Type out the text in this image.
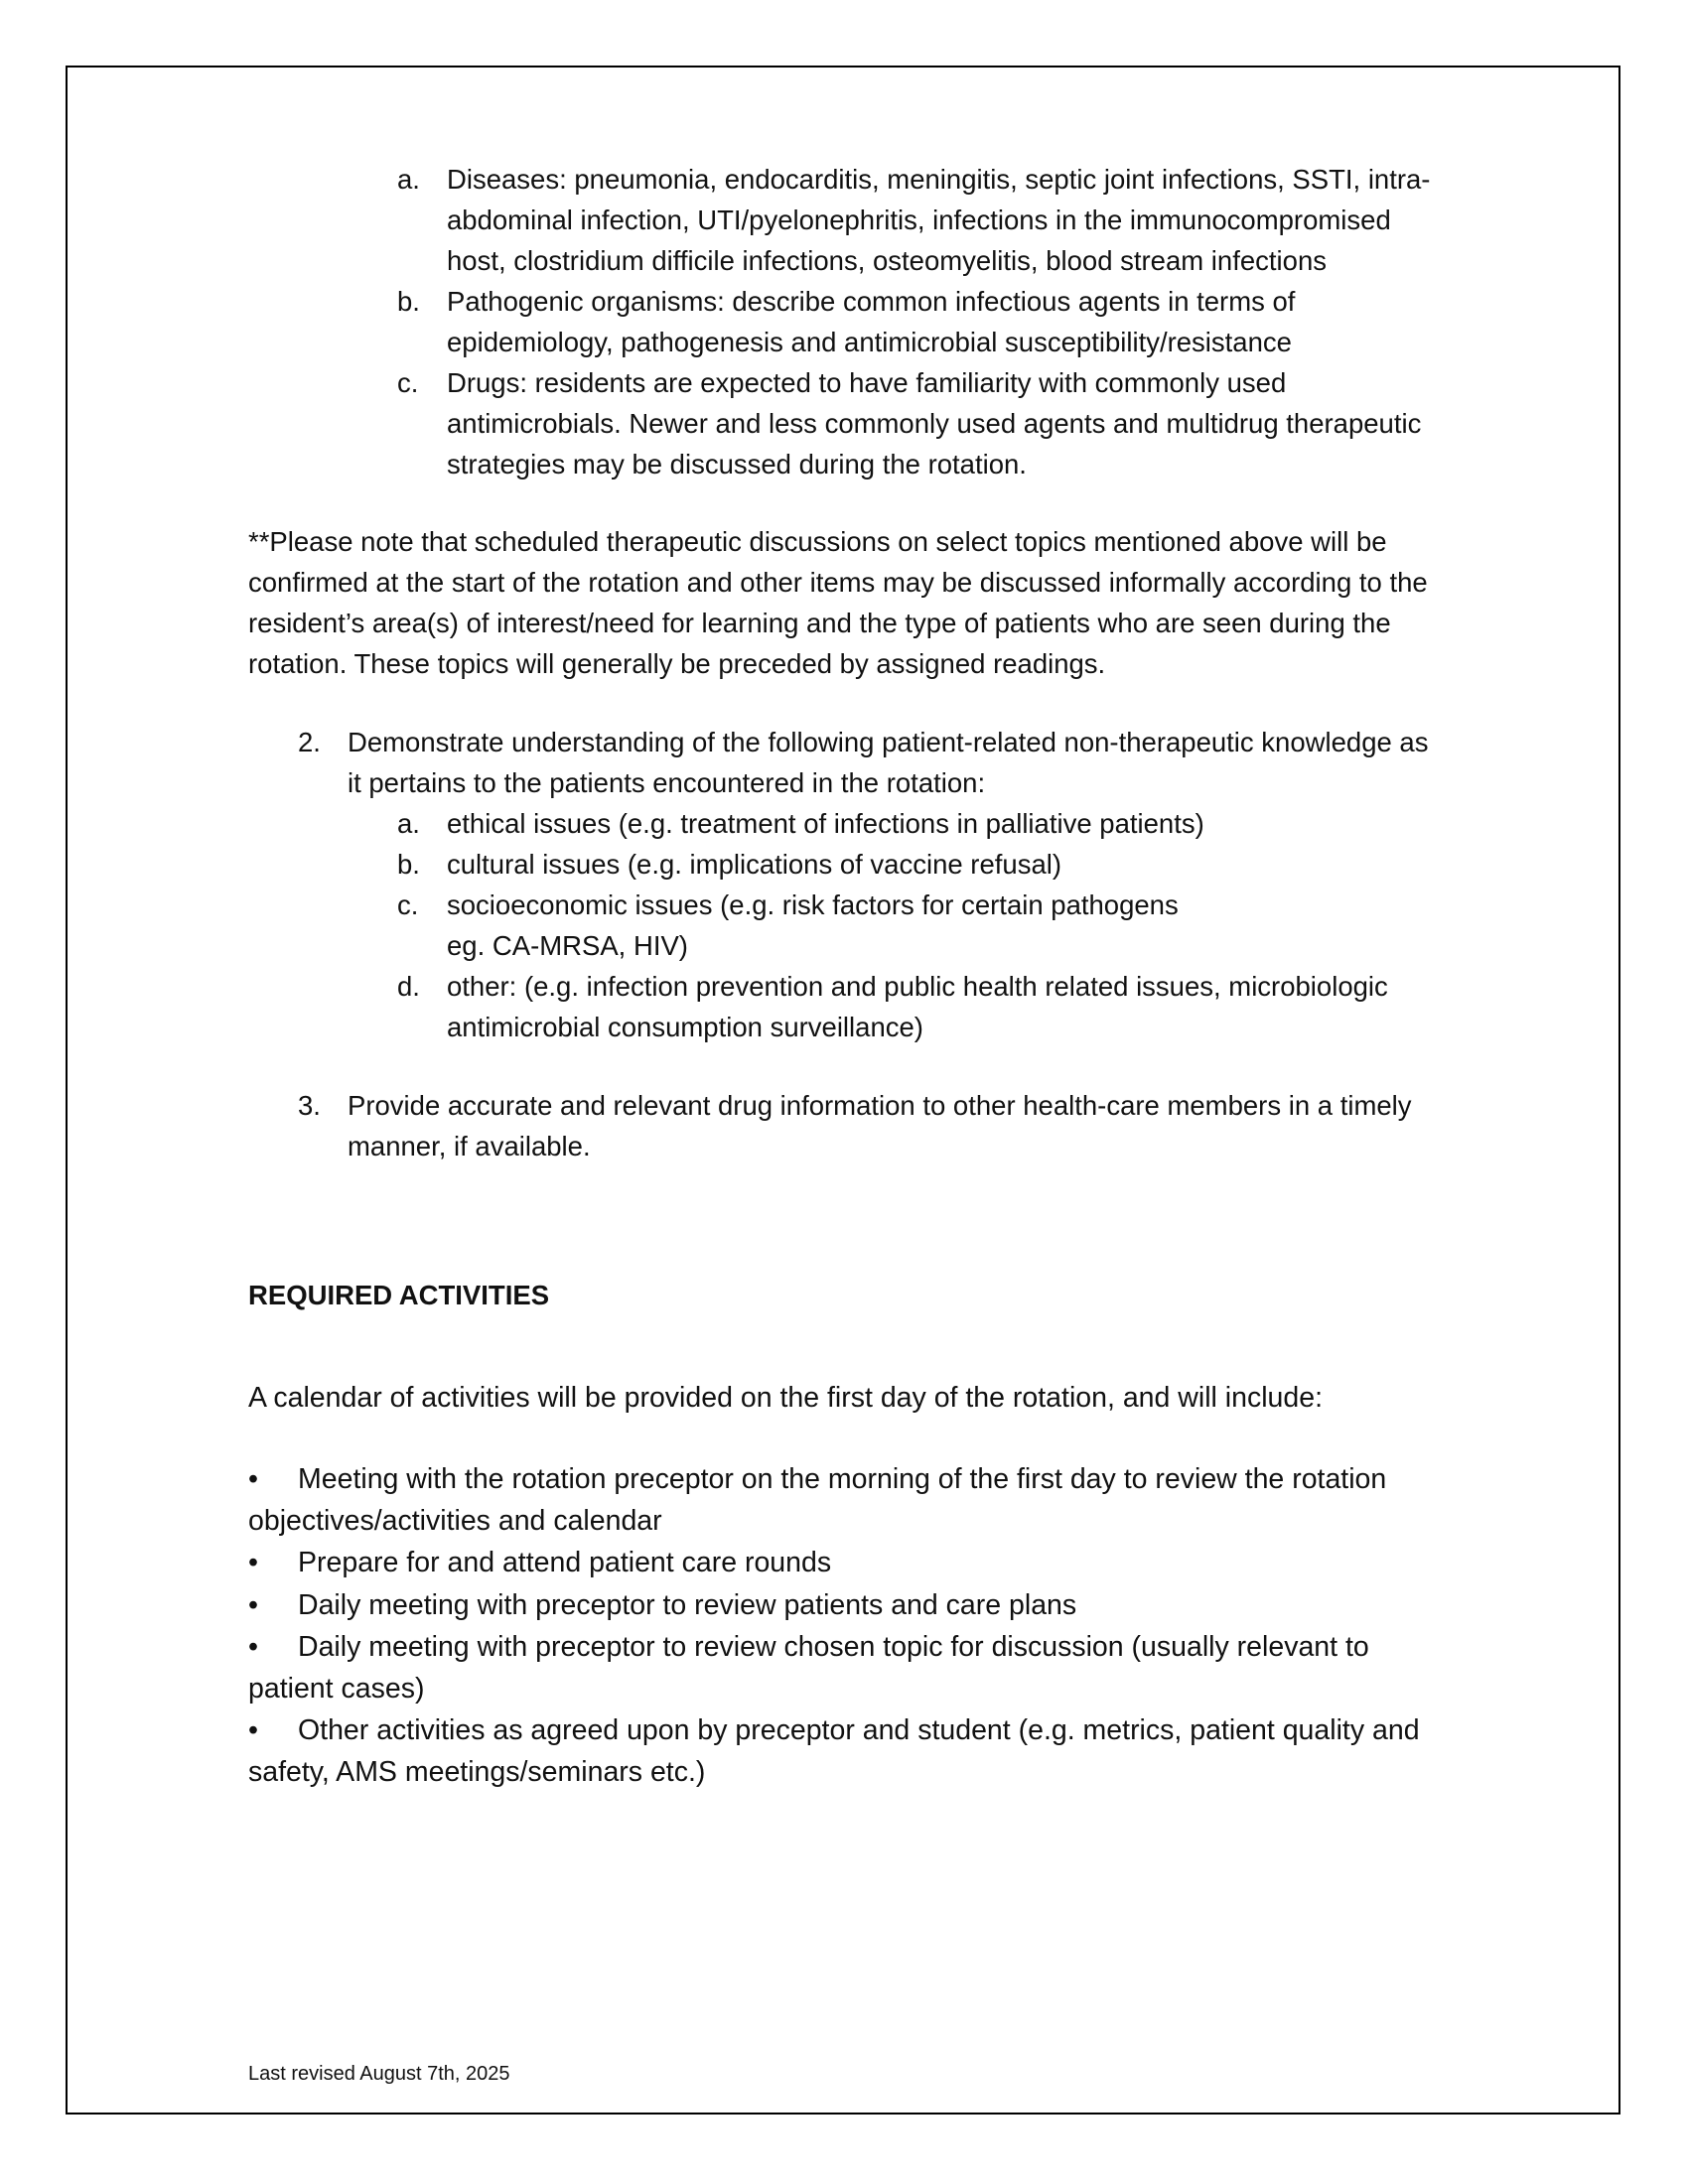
a. Diseases: pneumonia, endocarditis, meningitis, septic joint infections, SSTI, intra-abdominal infection, UTI/pyelonephritis, infections in the immunocompromised host, clostridium difficile infections, osteomyelitis, blood stream infections
b. Pathogenic organisms: describe common infectious agents in terms of epidemiology, pathogenesis and antimicrobial susceptibility/resistance
c.	Drugs: residents are expected to have familiarity with commonly used antimicrobials. Newer and less commonly used agents and multidrug therapeutic strategies may be discussed during the rotation.

**Please note that scheduled therapeutic discussions on select topics mentioned above will be confirmed at the start of the rotation and other items may be discussed informally according to the resident’s area(s) of interest/need for learning and the type of patients who are seen during the rotation. These topics will generally be preceded by assigned readings.

2. Demonstrate understanding of the following patient-related non-therapeutic knowledge as it pertains to the patients encountered in the rotation:
a. ethical issues (e.g. treatment of infections in palliative patients)
b. cultural issues (e.g. implications of vaccine refusal)
c.	socioeconomic issues (e.g. risk factors for certain pathogens eg. CA-MRSA, HIV)
d. other: (e.g. infection prevention and public health related issues, microbiologic antimicrobial consumption surveillance)
3. Provide accurate and relevant drug information to other health-care members in a timely manner, if available.
REQUIRED ACTIVITIES

A calendar of activities will be provided on the first day of the rotation, and will include:

• Meeting with the rotation preceptor on the morning of the first day to review the rotation objectives/activities and calendar
• Prepare for and attend patient care rounds
• Daily meeting with preceptor to review patients and care plans
• Daily meeting with preceptor to review chosen topic for discussion (usually relevant to patient cases)
• Other activities as agreed upon by preceptor and student (e.g. metrics, patient quality and safety, AMS meetings/seminars etc.)
Last revised August 7th, 2025
